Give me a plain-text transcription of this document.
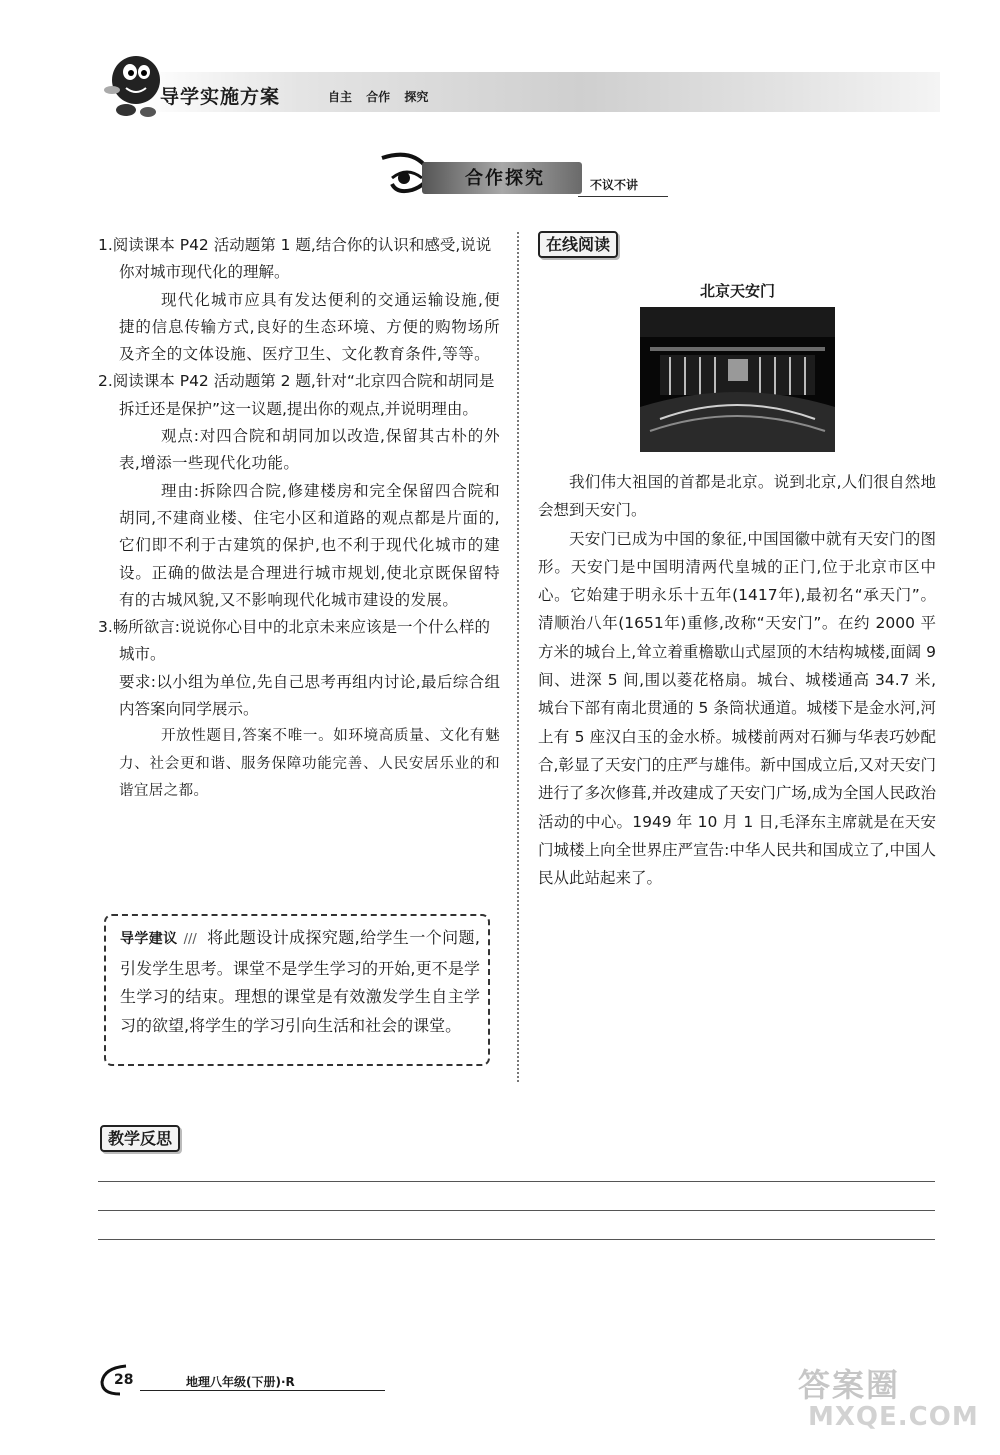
导学实施方案	自主 合作 探究
合作探究	不议不讲

1.阅读课本 P42 活动题第 1 题,结合你的认识和感受,说说你对城市现代化的理解。

现代化城市应具有发达便利的交通运输设施,便捷的信息传输方式,良好的生态环境、方便的购物场所及齐全的文体设施、医疗卫生、文化教育条件,等等。

2.阅读课本 P42 活动题第 2 题,针对“北京四合院和胡同是拆迁还是保护”这一议题,提出你的观点,并说明理由。

观点:对四合院和胡同加以改造,保留其古朴的外表,增添一些现代化功能。

理由:拆除四合院,修建楼房和完全保留四合院和胡同,不建商业楼、住宅小区和道路的观点都是片面的,它们即不利于古建筑的保护,也不利于现代化城市的建设。正确的做法是合理进行城市规划,使北京既保留特有的古城风貌,又不影响现代化城市建设的发展。

3.畅所欲言:说说你心目中的北京未来应该是一个什么样的城市。

要求:以小组为单位,先自己思考再组内讨论,最后综合组内答案向同学展示。

开放性题目,答案不唯一。如环境高质量、文化有魅力、社会更和谐、服务保障功能完善、人民安居乐业的和谐宜居之都。

导学建议 /// 将此题设计成探究题,给学生一个问题,引发学生思考。课堂不是学生学习的开始,更不是学生学习的结束。理想的课堂是有效激发学生自主学习的欲望,将学生的学习引向生活和社会的课堂。
在线阅读
北京天安门

我们伟大祖国的首都是北京。说到北京,人们很自然地会想到天安门。

天安门已成为中国的象征,中国国徽中就有天安门的图形。天安门是中国明清两代皇城的正门,位于北京市区中心。它始建于明永乐十五年(1417年),最初名“承天门”。清顺治八年(1651年)重修,改称“天安门”。在约 2000 平方米的城台上,耸立着重檐歇山式屋顶的木结构城楼,面阔 9 间、进深 5 间,围以菱花格扇。城台、城楼通高 34.7 米,城台下部有南北贯通的 5 条筒状通道。城楼下是金水河,河上有 5 座汉白玉的金水桥。城楼前两对石狮与华表巧妙配合,彰显了天安门的庄严与雄伟。新中国成立后,又对天安门进行了多次修葺,并改建成了天安门广场,成为全国人民政治活动的中心。1949 年 10 月 1 日,毛泽东主席就是在天安门城楼上向全世界庄严宣告:中华人民共和国成立了,中国人民从此站起来了。

教学反思
28	地理八年级(下册)·R	答案圈
MXQE.COM
